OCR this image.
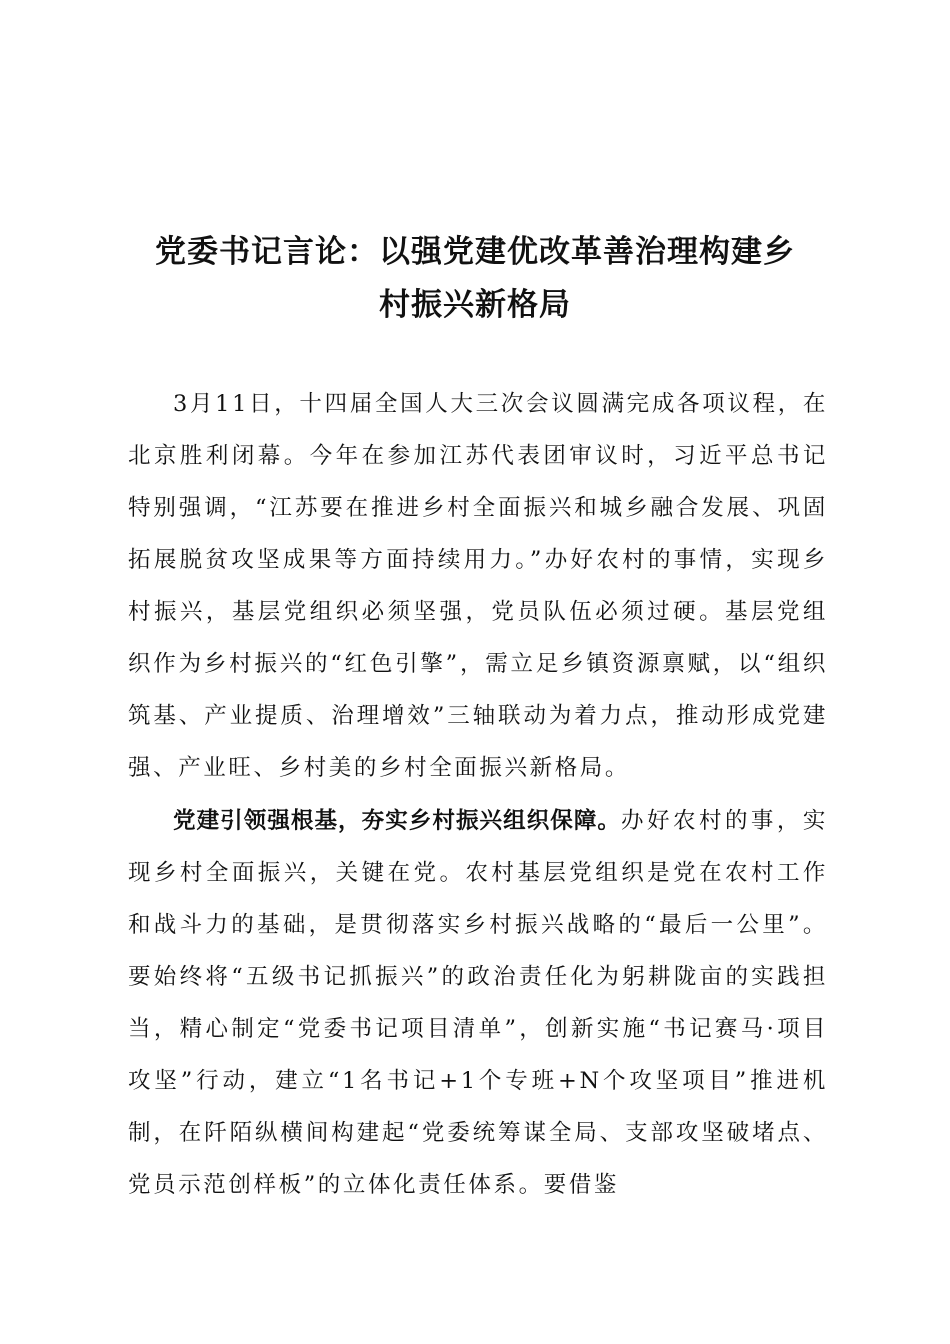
党委书记言论：以强党建优改革善治理构建乡
村振兴新格局

3月11日，十四届全国人大三次会议圆满完成各项议程，在北京胜利闭幕。今年在参加江苏代表团审议时，习近平总书记特别强调，“江苏要在推进乡村全面振兴和城乡融合发展、巩固拓展脱贫攻坚成果等方面持续用力。”办好农村的事情，实现乡村振兴，基层党组织必须坚强，党员队伍必须过硬。基层党组织作为乡村振兴的“红色引擎”，需立足乡镇资源禀赋，以“组织筑基、产业提质、治理增效”三轴联动为着力点，推动形成党建强、产业旺、乡村美的乡村全面振兴新格局。

党建引领强根基，夯实乡村振兴组织保障。办好农村的事，实现乡村全面振兴，关键在党。农村基层党组织是党在农村工作和战斗力的基础，是贯彻落实乡村振兴战略的“最后一公里”。要始终将“五级书记抓振兴”的政治责任化为躬耕陇亩的实践担当，精心制定“党委书记项目清单”，创新实施“书记赛马·项目攻坚”行动，建立“1名书记+1个专班+N个攻坚项目”推进机制，在阡陌纵横间构建起“党委统筹谋全局、支部攻坚破堵点、党员示范创样板”的立体化责任体系。要借鉴
